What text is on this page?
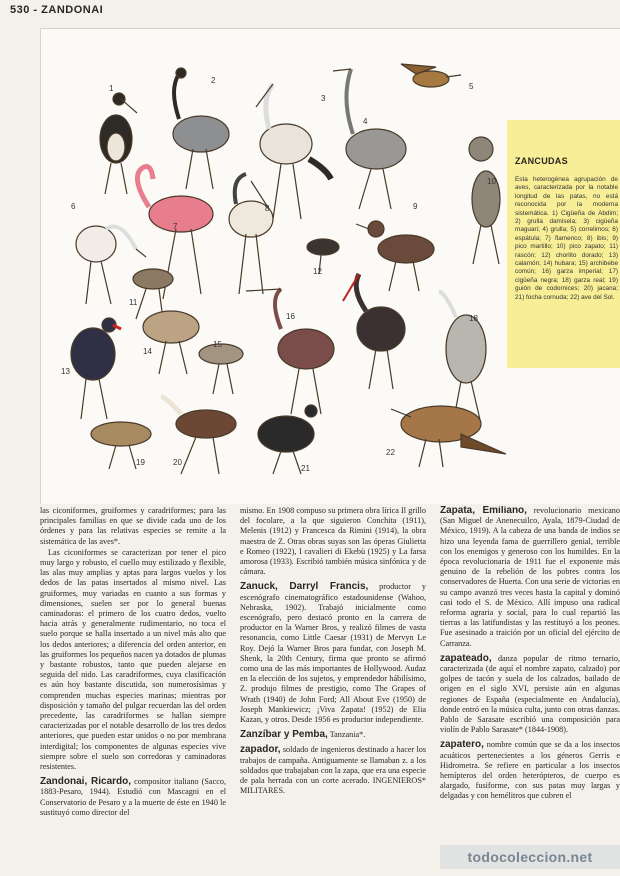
530 - ZANDONAI
1
2
3
4
5
6
7
8	9
10
11
12
13
14
15
16
17
18
19	20
21
22
ZANCUDAS

Esta heterogénea agrupación de aves, caracterizada por la notable longitud de las patas, no está reconocida por la moderna sistemática. 1) Cigüeña de Abdim; 2) grulla damisela; 3) cigüeña maguari; 4) grulla; 5) correlimos; 6) espátula; 7) flamenco; 8) ibis; 9) pico martillo; 10) pico zapato; 11) rascón; 12) chorlito dorado; 13) calamón; 14) hubara; 15) archibebe común; 16) garza imperial; 17) cigüeña negra; 18) garza real; 19) guión de codornices; 20) jacana; 21) focha cornuda; 22) ave del Sol.

las ciconiformes, gruiformes y caradriformes; para las principales familias en que se divide cada uno de los órdenes y para las relativas especies se remite a la sistemática de las aves*.

Las ciconiformes se caracterizan por tener el pico muy largo y robusto, el cuello muy estilizado y flexible, las alas muy amplias y aptas para largos vuelos y los dedos de las patas insertados al mismo nivel. Las gruiformes, muy variadas en cuanto a sus formas y dimensiones, suelen ser por lo general buenas caminadoras: el primero de los cuatro dedos, vuelto hacia atrás y generalmente rudimentario, no toca el suelo porque se halla insertado a un nivel más alto que los dedos anteriores; a diferencia del orden anterior, en las gruiformes los pequeños nacen ya dotados de plumas y bastante robustos, tanto que pueden alejarse en seguida del nido. Las caradriformes, cuya clasificación es aún hoy bastante discutida, son numerosísimas y comprenden muchas especies marinas; mientras por disposición y tamaño del pulgar recuerdan las del orden precedente, las caradriformes se hallan siempre caracterizadas por el notable desarrollo de los tres dedos anteriores, que pueden estar unidos o no por membrana interdigital; los componentes de algunas especies vive siempre sobre el suelo son corredoras y caminadoras resistentes.

Zandonai, Ricardo, compositor italiano (Sacco, 1883-Pesaro, 1944). Estudió con Mascagni en el Conservatorio de Pesaro y a la muerte de éste en 1940 le sustituyó como director del

mismo. En 1908 compuso su primera obra lírica Il grillo del focolare, a la que siguieron Conchita (1911), Melenis (1912) y Francesca da Rimini (1914), la obra maestra de Z. Otras obras suyas son las óperas Giulietta e Romeo (1922), I cavalieri di Ekebù (1925) y La farsa amorosa (1933). Escribió también música sinfónica y de cámara.

Zanuck, Darryl Francis, productor y escenógrafo cinematográfico estadounidense (Wahoo, Nebraska, 1902). Trabajó inicialmente como escenógrafo, pero destacó pronto en la carrera de productor en la Warner Bros, y realizó filmes de vasta resonancia, como Little Caesar (1931) de Mervyn Le Roy. Dejó la Warner Bros para fundar, con Joseph M. Shenk, la 20th Century, firma que pronto se afirmó como una de las más importantes de Hollywood. Audaz en la elección de los sujetos, y emprendedor hábilísimo, Z. produjo filmes de prestigio, como The Grapes of Wrath (1940) de John Ford; All About Eve (1950) de Joseph Mankiewicz; ¡Viva Zapata! (1952) de Elia Kazan, y otros. Desde 1956 es productor independiente.

Zanzíbar y Pemba, Tanzania*.

zapador, soldado de ingenieros destinado a hacer los trabajos de campaña. Antiguamente se llamaban z. a los soldados que trabajaban con la zapa, que era una especie de pala herrada con un corte acerado. INGENIEROS* MILITARES.

Zapata, Emiliano, revolucionario mexicano (San Miguel de Anenecuilco, Ayala, 1879-Ciudad de México, 1919). A la cabeza de una banda de indios se hizo una leyenda fama de guerrillero genial, terrible con los enemigos y generoso con los humildes. En la época revolucionaria de 1911 fue el exponente más genuino de la rebelión de los pobres contra los conservadores de Huerta. Con una serie de victorias en su campo avanzó tres veces hasta la capital y dominó casi todo el S. de México. Allí impuso una radical reforma agraria y social, para lo cual repartió las tierras a las latifundistas y las restituyó a los peones. Fue asesinado a traición por un oficial del ejército de Carranza.

zapateado, danza popular de ritmo ternario, caracterizada (de aquí el nombre zapato, calzado) por golpes de tacón y suela de los calzados, bailado de origen en el siglo XVI, persiste aún en algunas regiones de España (especialmente en Andalucía), donde entró en la música culta, junto con otras danzas. Pablo de Sarasate escribió una composición para violín de Pablo Sarasate* (1844-1908).

zapatero, nombre común que se da a los insectos acuáticos pertenecientes a los géneros Gerris e Hidrometra. Se refiere en particular a los insectos hemípteros del orden heterópteros, de cuerpo es alargado, fusiforme, con sus patas muy largas y delgadas y con hemélitros que cubren el

todocoleccion.net
